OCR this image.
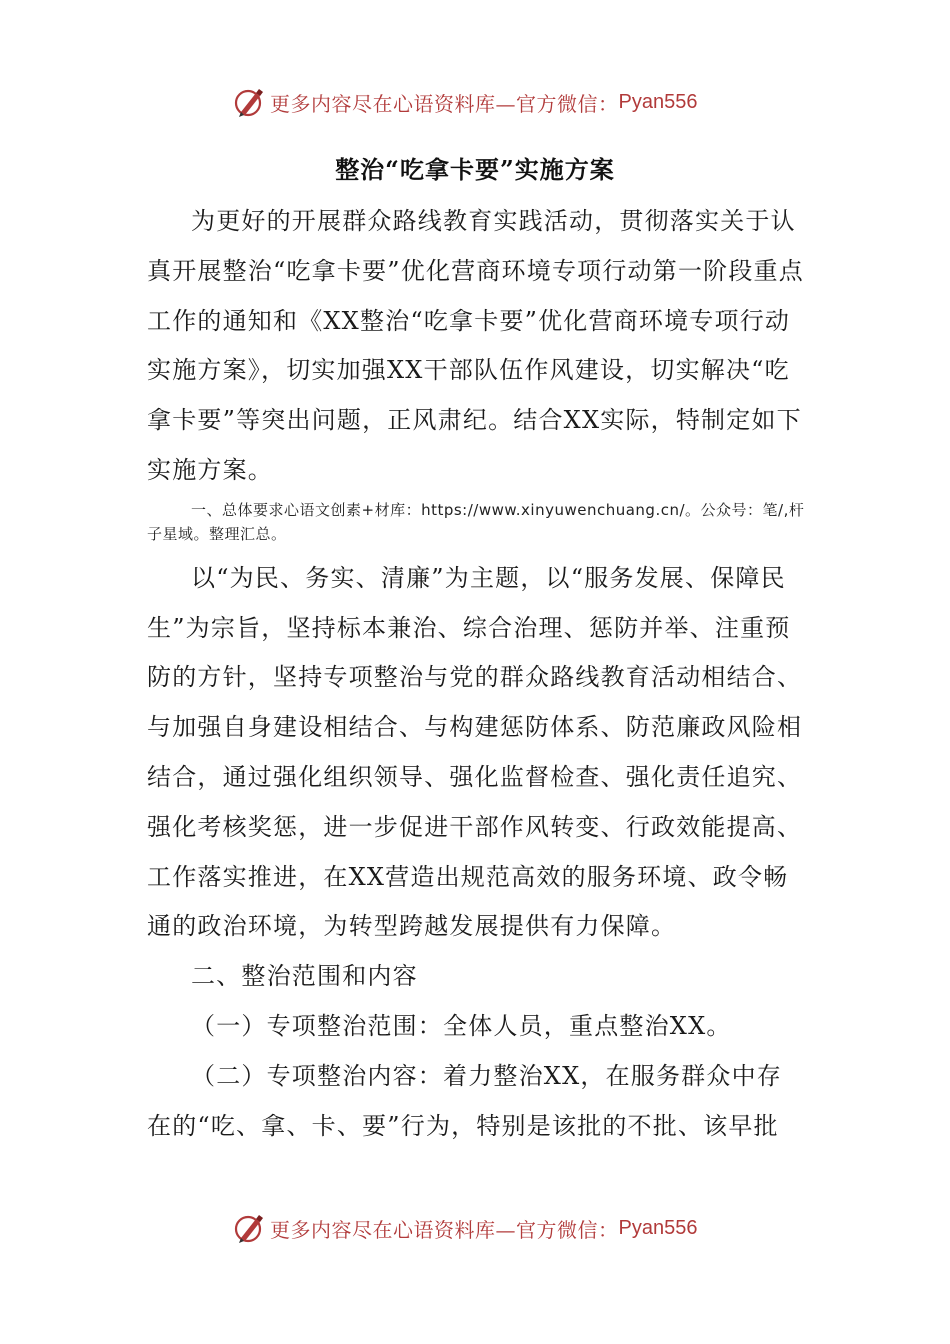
更多内容尽在心语资料库—官方微信： Pyan556
整治“吃拿卡要”实施方案

为更好的开展群众路线教育实践活动，贯彻落实关于认真开展整治“吃拿卡要”优化营商环境专项行动第一阶段重点工作的通知和《XX整治“吃拿卡要”优化营商环境专项行动实施方案》，切实加强XX干部队伍作风建设，切实解决“吃拿卡要”等突出问题，正风肃纪。结合XX实际，特制定如下实施方案。

一、总体要求心语文创素+材库：https://www.xinyuwenchuang.cn/。公众号：笔/,杆子星域。整理汇总。

以“为民、务实、清廉”为主题，以“服务发展、保障民生”为宗旨，坚持标本兼治、综合治理、惩防并举、注重预防的方针，坚持专项整治与党的群众路线教育活动相结合、与加强自身建设相结合、与构建惩防体系、防范廉政风险相结合，通过强化组织领导、强化监督检查、强化责任追究、强化考核奖惩，进一步促进干部作风转变、行政效能提高、工作落实推进，在XX营造出规范高效的服务环境、政令畅通的政治环境，为转型跨越发展提供有力保障。

二、整治范围和内容

（一）专项整治范围：全体人员，重点整治XX。

（二）专项整治内容：着力整治XX，在服务群众中存在的“吃、拿、卡、要”行为，特别是该批的不批、该早批

更多内容尽在心语资料库—官方微信： Pyan556
